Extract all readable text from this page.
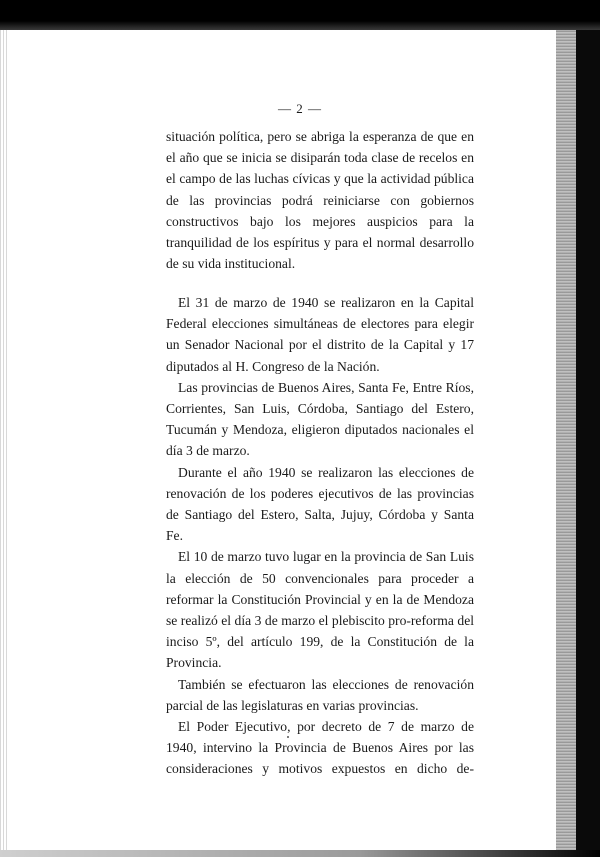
— 2 —

situación política, pero se abriga la esperanza de que en el año que se inicia se disiparán toda clase de recelos en el campo de las luchas cívicas y que la actividad pública de las provincias podrá reiniciarse con gobiernos constructivos bajo los mejores auspicios para la tranquilidad de los espíritus y para el normal desarrollo de su vida institucional.

El 31 de marzo de 1940 se realizaron en la Capital Federal elecciones simultáneas de electores para elegir un Senador Nacional por el distrito de la Capital y 17 diputados al H. Congreso de la Nación.

Las provincias de Buenos Aires, Santa Fe, Entre Ríos, Corrientes, San Luis, Córdoba, Santiago del Estero, Tucumán y Mendoza, eligieron diputados nacionales el día 3 de marzo.

Durante el año 1940 se realizaron las elecciones de renovación de los poderes ejecutivos de las provincias de Santiago del Estero, Salta, Jujuy, Córdoba y Santa Fe.

El 10 de marzo tuvo lugar en la provincia de San Luis la elección de 50 convencionales para proceder a reformar la Constitución Provincial y en la de Mendoza se realizó el día 3 de marzo el plebiscito pro-reforma del inciso 5º, del artículo 199, de la Constitución de la Provincia.

También se efectuaron las elecciones de renovación parcial de las legislaturas en varias provincias.

El Poder Ejecutivo, por decreto de 7 de marzo de 1940, intervino la Provincia de Buenos Aires por las consideraciones y motivos expuestos en dicho de-
